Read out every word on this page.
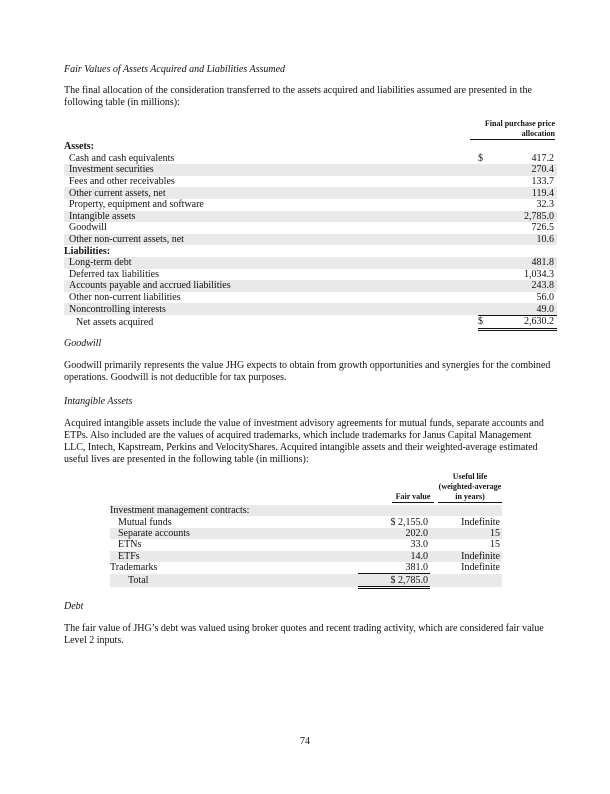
Fair Values of Assets Acquired and Liabilities Assumed
The final allocation of the consideration transferred to the assets acquired and liabilities assumed are presented in the following table (in millions):
Final purchase price allocation
Assets:			
Cash and cash equivalents		$	417.2
Investment securities			270.4
Fees and other receivables			133.7
Other current assets, net			119.4
Property, equipment and software			32.3
Intangible assets			2,785.0
Goodwill			726.5
Other non-current assets, net			10.6
Liabilities:			
Long-term debt			481.8
Deferred tax liabilities			1,034.3
Accounts payable and accrued liabilities			243.8
Other non-current liabilities			56.0
Noncontrolling interests			49.0
Net assets acquired		$	2,630.2
Goodwill
Goodwill primarily represents the value JHG expects to obtain from growth opportunities and synergies for the combined operations. Goodwill is not deductible for tax purposes.
Intangible Assets
Acquired intangible assets include the value of investment advisory agreements for mutual funds, separate accounts and ETPs. Also included are the values of acquired trademarks, which include trademarks for Janus Capital Management LLC, Intech, Kapstream, Perkins and VelocityShares. Acquired intangible assets and their weighted-average estimated useful lives are presented in the following table (in millions):
Fair value
Useful life (weighted-average in years)
Investment management contracts:			
Mutual funds	$ 2,155.0		Indefinite
Separate accounts	202.0		15
ETNs	33.0		15
ETFs	14.0		Indefinite
Trademarks	381.0		Indefinite
Total	$ 2,785.0		
Debt
The fair value of JHG’s debt was valued using broker quotes and recent trading activity, which are considered fair value Level 2 inputs.
74
